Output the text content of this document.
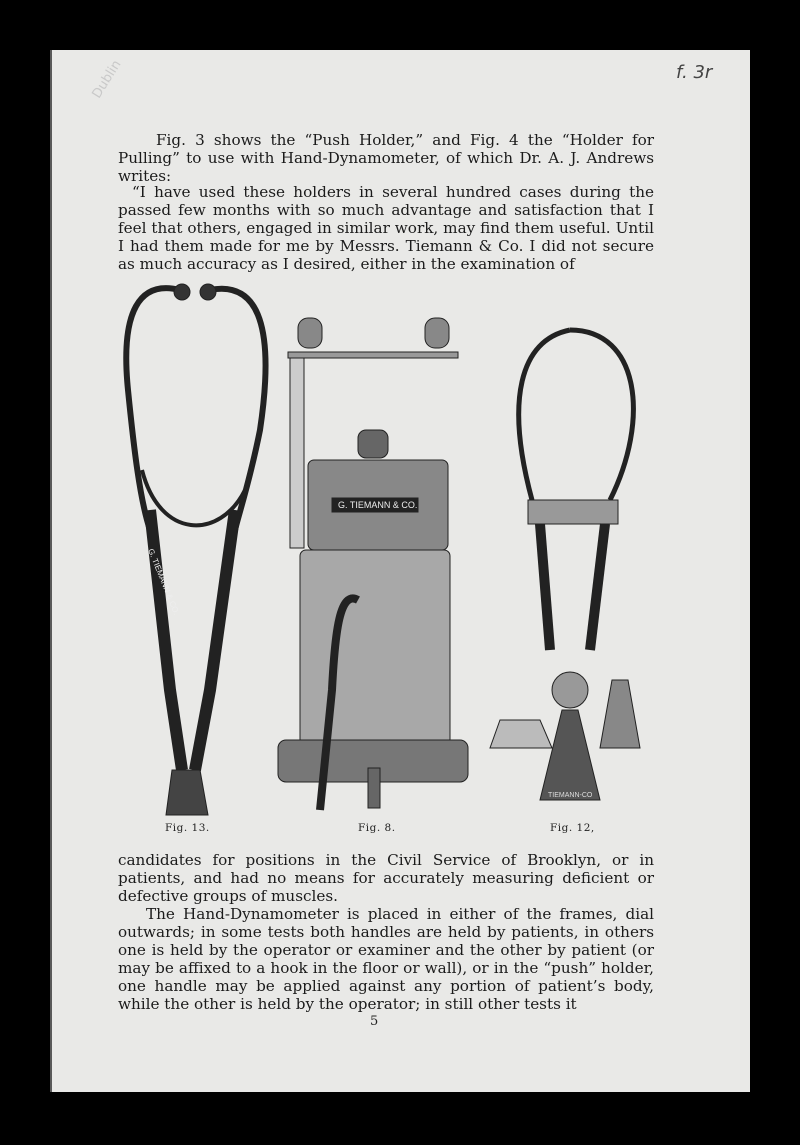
f. 3r
Dublin

Fig. 3 shows the “Push Holder,” and Fig. 4 the “Holder for Pulling” to use with Hand-Dynamometer, of which Dr. A. J. Andrews writes:

“I have used these holders in several hundred cases during the passed few months with so much advantage and satisfaction that I feel that others, engaged in similar work, may find them useful. Until I had them made for me by Messrs. Tiemann & Co. I did not secure as much accuracy as I desired, either in the examination of

G. TIEMANN & CO.
G. TIEMANN & CO.
TIEMANN-CO
Fig. 13.	Fig. 8.	Fig. 12,

candidates for positions in the Civil Service of Brooklyn, or in patients, and had no means for accurately measuring deficient or defective groups of muscles.

The Hand-Dynamometer is placed in either of the frames, dial outwards; in some tests both handles are held by patients, in others one is held by the operator or examiner and the other by patient (or may be affixed to a hook in the floor or wall), or in the “push” holder, one handle may be applied against any portion of patient’s body, while the other is held by the operator; in still other tests it

5
